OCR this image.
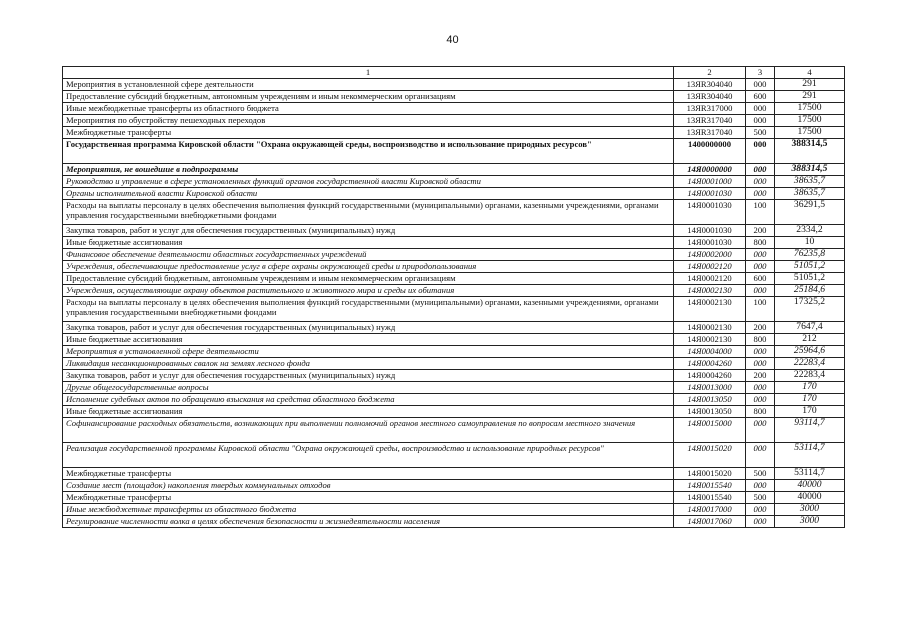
40
1	2	3	4
Мероприятия в установленной сфере деятельности	13ЯR304040	000	291
Предоставление субсидий бюджетным, автономным учреждениям и иным некоммерческим организациям	13ЯR304040	600	291
Иные межбюджетные трансферты из областного бюджета	13ЯR317000	000	17500
Мероприятия по обустройству пешеходных переходов	13ЯR317040	000	17500
Межбюджетные трансферты	13ЯR317040	500	17500
Государственная программа Кировской области "Охрана окружающей среды, воспроизводство и использование природных ресурсов"	1400000000	000	388314,5
Мероприятия, не вошедшие в подпрограммы	14Я0000000	000	388314,5
Руководство и управление в сфере установленных функций органов государственной власти Кировской области	14Я0001000	000	38635,7
Органы исполнительной власти Кировской области	14Я0001030	000	38635,7
Расходы на выплаты персоналу в целях обеспечения выполнения функций государственными (муниципальными) органами, казенными учреждениями, органами управления государственными внебюджетными фондами	14Я0001030	100	36291,5
Закупка товаров, работ и услуг для обеспечения государственных (муниципальных) нужд	14Я0001030	200	2334,2
Иные бюджетные ассигнования	14Я0001030	800	10
Финансовое обеспечение деятельности областных государственных учреждений	14Я0002000	000	76235,8
Учреждения, обеспечивающие предоставление услуг в сфере охраны окружающей среды и природопользования	14Я0002120	000	51051,2
Предоставление субсидий бюджетным, автономным учреждениям и иным некоммерческим организациям	14Я0002120	600	51051,2
Учреждения, осуществляющие охрану объектов растительного и животного мира и среды их обитания	14Я0002130	000	25184,6
Расходы на выплаты персоналу в целях обеспечения выполнения функций государственными (муниципальными) органами, казенными учреждениями, органами управления государственными внебюджетными фондами	14Я0002130	100	17325,2
Закупка товаров, работ и услуг для обеспечения государственных (муниципальных) нужд	14Я0002130	200	7647,4
Иные бюджетные ассигнования	14Я0002130	800	212
Мероприятия в установленной сфере деятельности	14Я0004000	000	25964,6
Ликвидация несанкционированных свалок на землях лесного фонда	14Я0004260	000	22283,4
Закупка товаров, работ и услуг для обеспечения государственных (муниципальных) нужд	14Я0004260	200	22283,4
Другие общегосударственные вопросы	14Я0013000	000	170
Исполнение судебных актов по обращению взыскания на средства областного бюджета	14Я0013050	000	170
Иные бюджетные ассигнования	14Я0013050	800	170
Софинансирование расходных обязательств, возникающих при выполнении полномочий органов местного самоуправления по вопросам местного значения	14Я0015000	000	93114,7
Реализация государственной программы Кировской области "Охрана окружающей среды, воспроизводство и использование природных ресурсов"	14Я0015020	000	53114,7
Межбюджетные трансферты	14Я0015020	500	53114,7
Создание мест (площадок) накопления твердых коммунальных отходов	14Я0015540	000	40000
Межбюджетные трансферты	14Я0015540	500	40000
Иные межбюджетные трансферты из областного бюджета	14Я0017000	000	3000
Регулирование численности волка в целях обеспечения безопасности и жизнедеятельности населения	14Я0017060	000	3000
